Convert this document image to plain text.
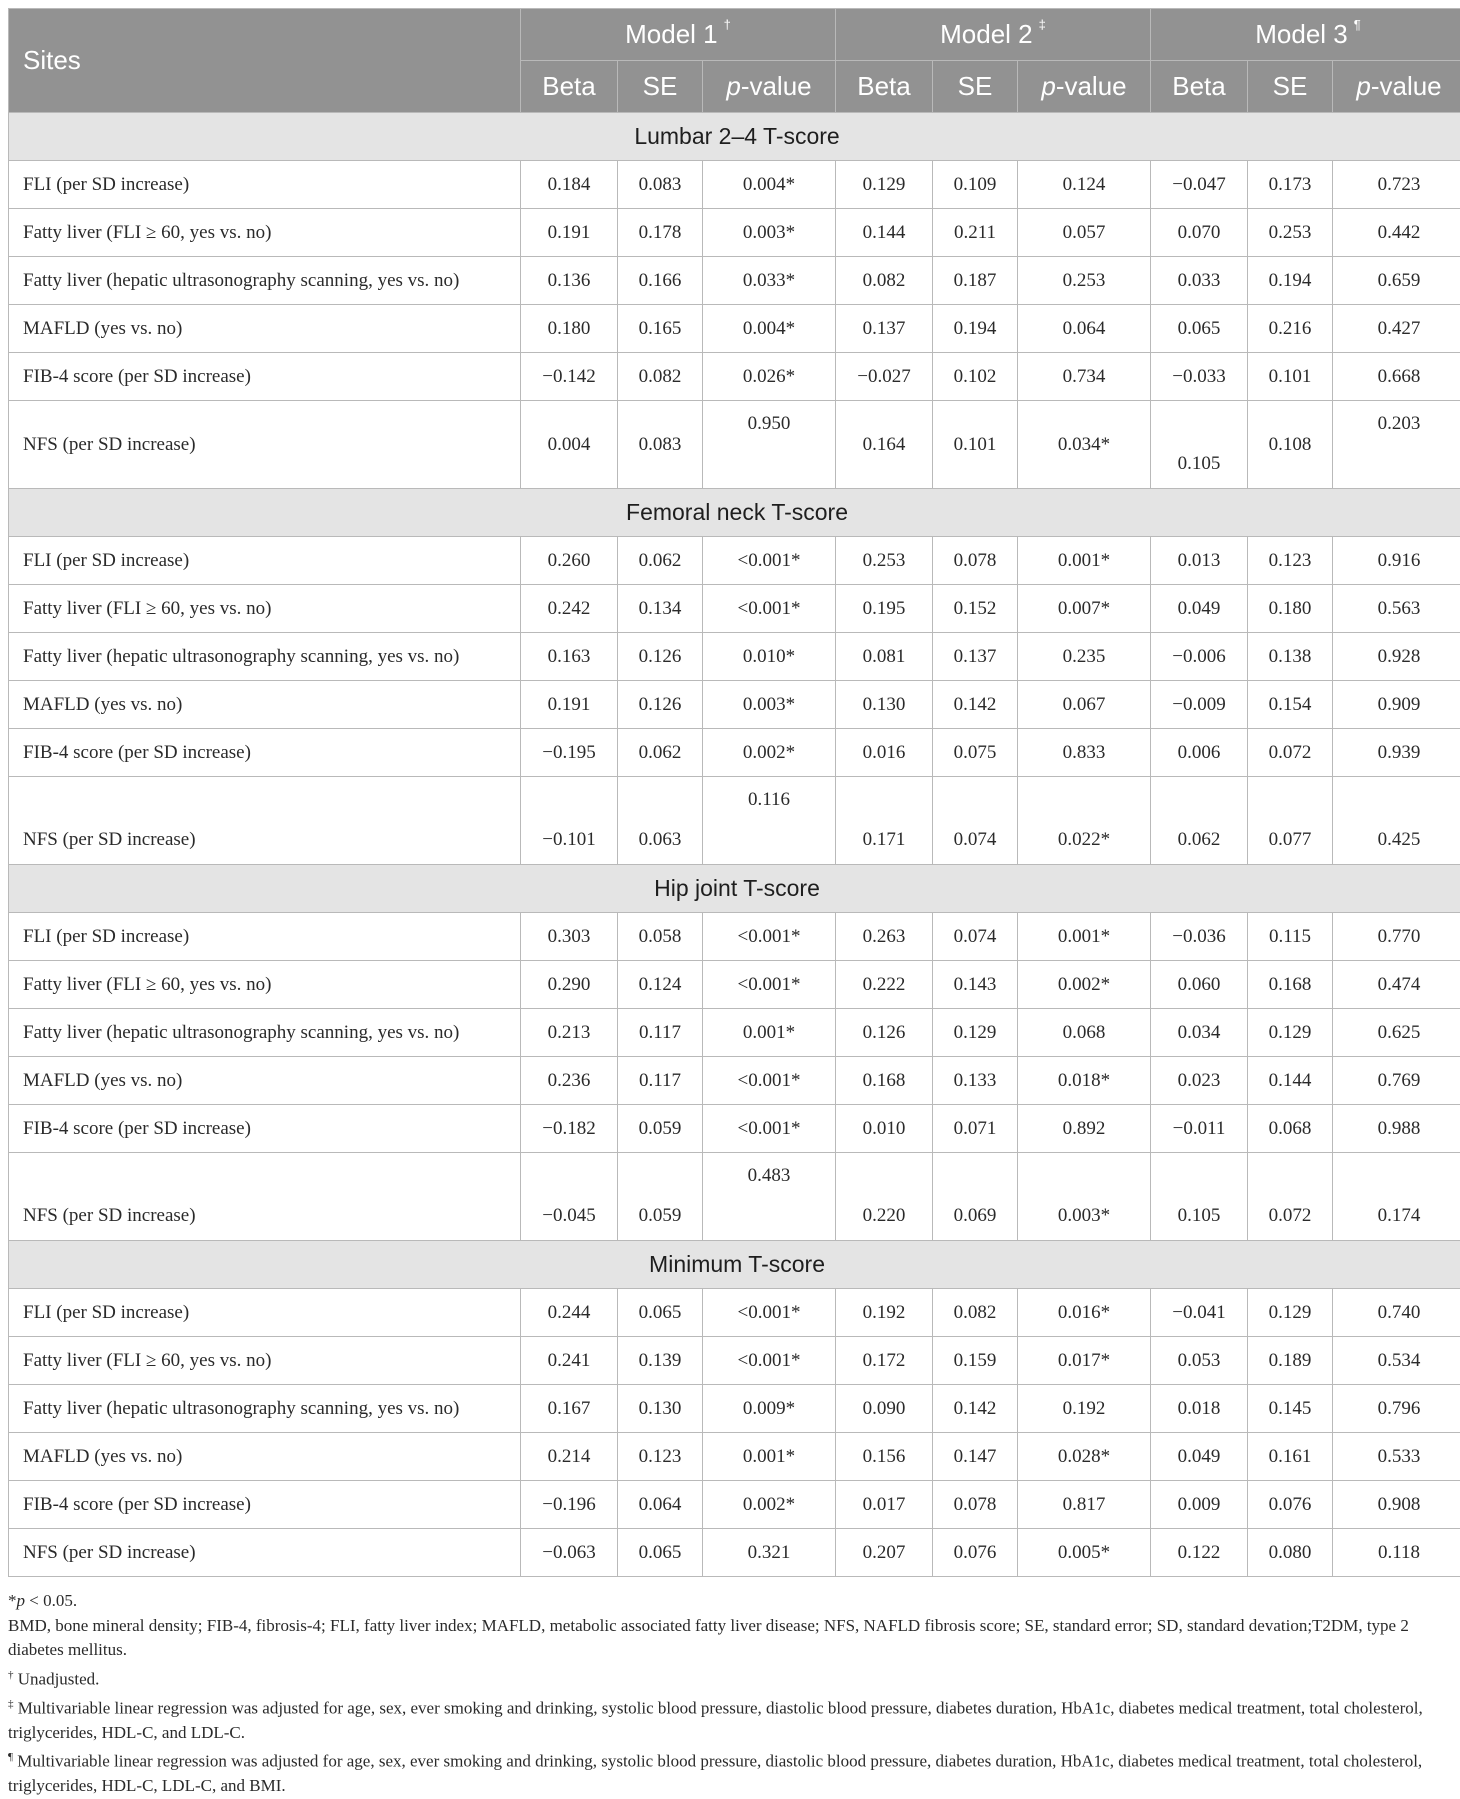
Sites	Model 1 †			Model 2 ‡			Model 3 ¶
	Beta	SE	p-value	Beta	SE	p-value	Beta	SE	p-value
Lumbar 2–4 T-score									
FLI (per SD increase)	0.184	0.083	0.004*	0.129	0.109	0.124	−0.047	0.173	0.723
Fatty liver (FLI ≥ 60, yes vs. no)	0.191	0.178	0.003*	0.144	0.211	0.057	0.070	0.253	0.442
Fatty liver (hepatic ultrasonography scanning, yes vs. no)	0.136	0.166	0.033*	0.082	0.187	0.253	0.033	0.194	0.659
MAFLD (yes vs. no)	0.180	0.165	0.004*	0.137	0.194	0.064	0.065	0.216	0.427
FIB-4 score (per SD increase)	−0.142	0.082	0.026*	−0.027	0.102	0.734	−0.033	0.101	0.668
NFS (per SD increase)	0.004	0.083	0.950	0.164	0.101	0.034*	0.105	0.108	0.203
Femoral neck T-score									
FLI (per SD increase)	0.260	0.062	<0.001*	0.253	0.078	0.001*	0.013	0.123	0.916
Fatty liver (FLI ≥ 60, yes vs. no)	0.242	0.134	<0.001*	0.195	0.152	0.007*	0.049	0.180	0.563
Fatty liver (hepatic ultrasonography scanning, yes vs. no)	0.163	0.126	0.010*	0.081	0.137	0.235	−0.006	0.138	0.928
MAFLD (yes vs. no)	0.191	0.126	0.003*	0.130	0.142	0.067	−0.009	0.154	0.909
FIB-4 score (per SD increase)	−0.195	0.062	0.002*	0.016	0.075	0.833	0.006	0.072	0.939
NFS (per SD increase)	−0.101	0.063	0.116	0.171	0.074	0.022*	0.062	0.077	0.425
Hip joint T-score									
FLI (per SD increase)	0.303	0.058	<0.001*	0.263	0.074	0.001*	−0.036	0.115	0.770
Fatty liver (FLI ≥ 60, yes vs. no)	0.290	0.124	<0.001*	0.222	0.143	0.002*	0.060	0.168	0.474
Fatty liver (hepatic ultrasonography scanning, yes vs. no)	0.213	0.117	0.001*	0.126	0.129	0.068	0.034	0.129	0.625
MAFLD (yes vs. no)	0.236	0.117	<0.001*	0.168	0.133	0.018*	0.023	0.144	0.769
FIB-4 score (per SD increase)	−0.182	0.059	<0.001*	0.010	0.071	0.892	−0.011	0.068	0.988
NFS (per SD increase)	−0.045	0.059	0.483	0.220	0.069	0.003*	0.105	0.072	0.174
Minimum T-score									
FLI (per SD increase)	0.244	0.065	<0.001*	0.192	0.082	0.016*	−0.041	0.129	0.740
Fatty liver (FLI ≥ 60, yes vs. no)	0.241	0.139	<0.001*	0.172	0.159	0.017*	0.053	0.189	0.534
Fatty liver (hepatic ultrasonography scanning, yes vs. no)	0.167	0.130	0.009*	0.090	0.142	0.192	0.018	0.145	0.796
MAFLD (yes vs. no)	0.214	0.123	0.001*	0.156	0.147	0.028*	0.049	0.161	0.533
FIB-4 score (per SD increase)	−0.196	0.064	0.002*	0.017	0.078	0.817	0.009	0.076	0.908
NFS (per SD increase)	−0.063	0.065	0.321	0.207	0.076	0.005*	0.122	0.080	0.118

*p < 0.05.

BMD, bone mineral density; FIB-4, fibrosis-4; FLI, fatty liver index; MAFLD, metabolic associated fatty liver disease; NFS, NAFLD fibrosis score; SE, standard error; SD, standard devation;T2DM, type 2 diabetes mellitus.

† Unadjusted.

‡ Multivariable linear regression was adjusted for age, sex, ever smoking and drinking, systolic blood pressure, diastolic blood pressure, diabetes duration, HbA1c, diabetes medical treatment, total cholesterol, triglycerides, HDL-C, and LDL-C.

¶ Multivariable linear regression was adjusted for age, sex, ever smoking and drinking, systolic blood pressure, diastolic blood pressure, diabetes duration, HbA1c, diabetes medical treatment, total cholesterol, triglycerides, HDL-C, LDL-C, and BMI.
